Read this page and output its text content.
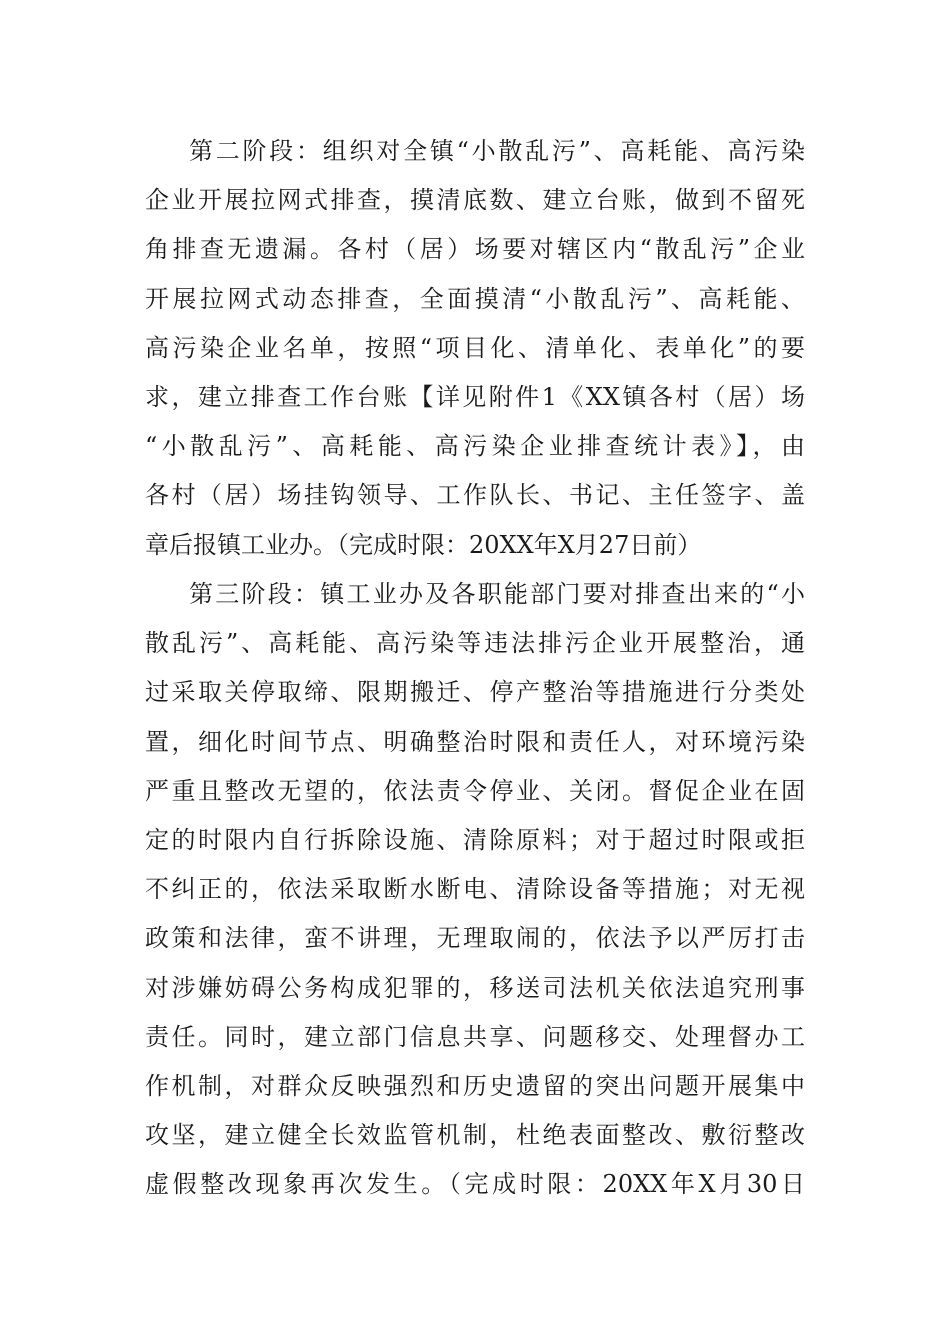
第二阶段：组织对全镇“小散乱污”、高耗能、高污染
企业开展拉网式排查，摸清底数、建立台账，做到不留死
角排查无遗漏。各村（居）场要对辖区内“散乱污”企业
开展拉网式动态排查，全面摸清“小散乱污”、高耗能、
高污染企业名单，按照“项目化、清单化、表单化”的要
求，建立排查工作台账【详见附件1《XX镇各村（居）场
“小散乱污”、高耗能、高污染企业排查统计表》】，由
各村（居）场挂钩领导、工作队长、书记、主任签字、盖
章后报镇工业办。（完成时限：20XX年X月27日前）
第三阶段：镇工业办及各职能部门要对排查出来的“小
散乱污”、高耗能、高污染等违法排污企业开展整治，通
过采取关停取缔、限期搬迁、停产整治等措施进行分类处
置，细化时间节点、明确整治时限和责任人，对环境污染
严重且整改无望的，依法责令停业、关闭。督促企业在固
定的时限内自行拆除设施、清除原料；对于超过时限或拒
不纠正的，依法采取断水断电、清除设备等措施；对无视
政策和法律，蛮不讲理，无理取闹的，依法予以严厉打击
对涉嫌妨碍公务构成犯罪的，移送司法机关依法追究刑事
责任。同时，建立部门信息共享、问题移交、处理督办工
作机制，对群众反映强烈和历史遗留的突出问题开展集中
攻坚，建立健全长效监管机制，杜绝表面整改、敷衍整改
虚假整改现象再次发生。（完成时限：20XX年X月30日
